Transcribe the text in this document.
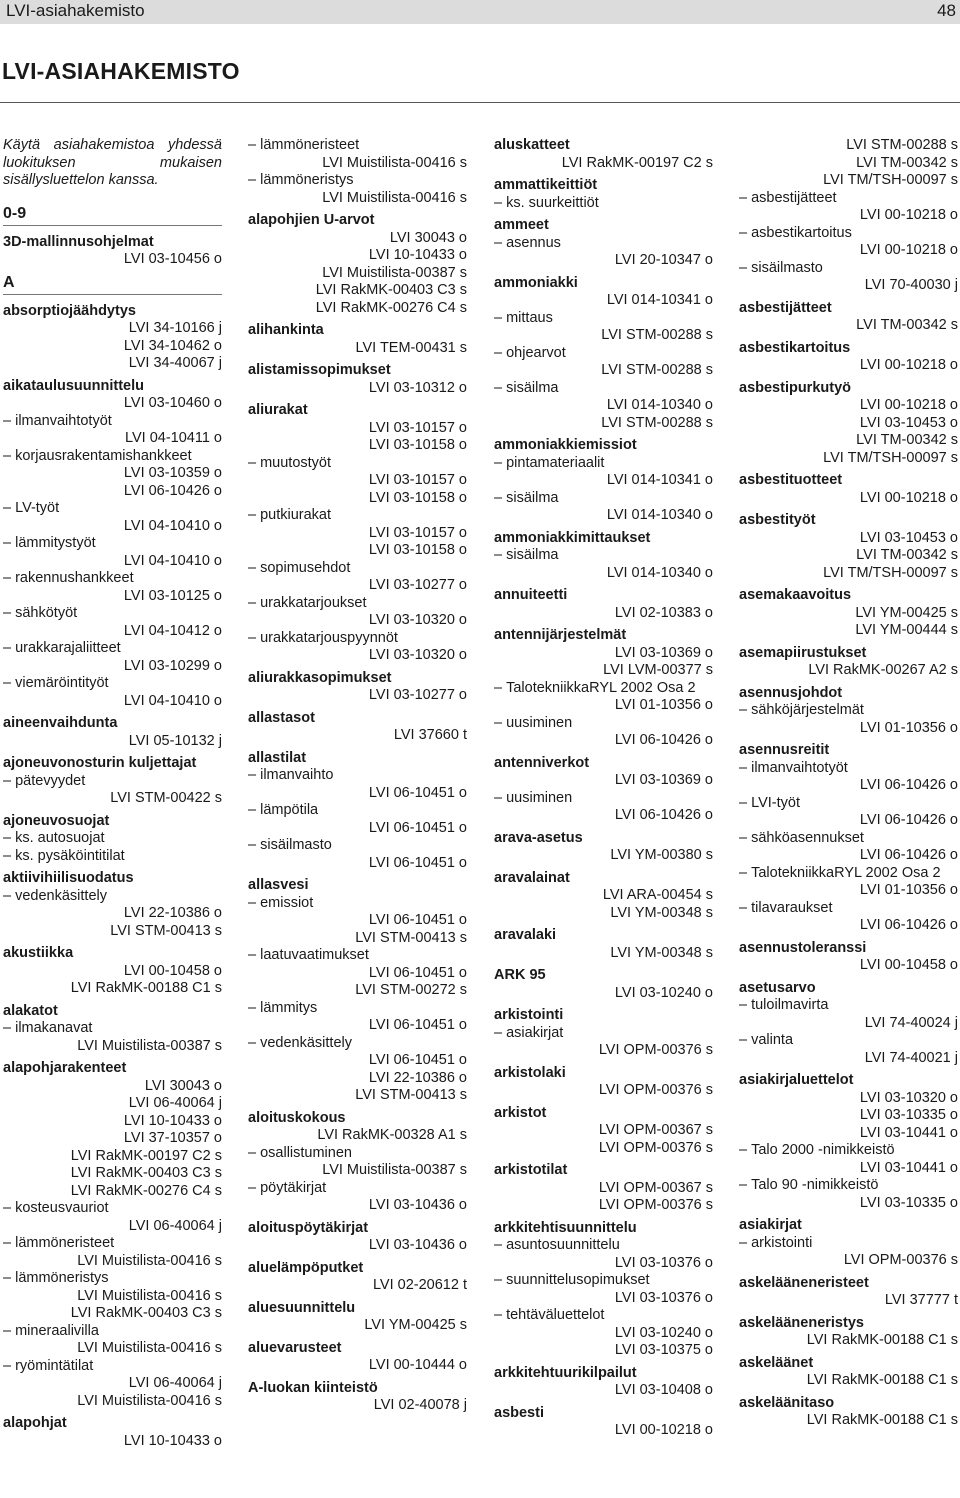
LVI-asiahakemisto	48
LVI-ASIAHAKEMISTO

Käytä asiahakemistoa yhdessä luokituksen mukaisen sisällysluettelon kanssa.

0-9
3D-mallinnusohjelmat
LVI 03-10456 o
A
absorptiojäähdytys
LVI 34-10166 j
LVI 34-10462 o
LVI 34-40067 j
aikataulusuunnittelu
LVI 03-10460 o
– ilmanvaihtotyöt
LVI 04-10411 o
– korjausrakentamishankkeet
LVI 03-10359 o
LVI 06-10426 o
– LV-työt
LVI 04-10410 o
– lämmitystyöt
LVI 04-10410 o
– rakennushankkeet
LVI 03-10125 o
– sähkötyöt
LVI 04-10412 o
– urakkarajaliitteet
LVI 03-10299 o
– viemäröintityöt
LVI 04-10410 o
aineenvaihdunta
LVI 05-10132 j
ajoneuvonosturin kuljettajat
– pätevyydet
LVI STM-00422 s
ajoneuvosuojat
– ks. autosuojat
– ks. pysäköintitilat
aktiivihiilisuodatus
– vedenkäsittely
LVI 22-10386 o
LVI STM-00413 s
akustiikka
LVI 00-10458 o
LVI RakMK-00188 C1 s
alakatot
– ilmakanavat
LVI Muistilista-00387 s
alapohjarakenteet
LVI 30043 o
LVI 06-40064 j
LVI 10-10433 o
LVI 37-10357 o
LVI RakMK-00197 C2 s
LVI RakMK-00403 C3 s
LVI RakMK-00276 C4 s
– kosteusvauriot
LVI 06-40064 j
– lämmöneristeet
LVI Muistilista-00416 s
– lämmöneristys
LVI Muistilista-00416 s
LVI RakMK-00403 C3 s
– mineraalivilla
LVI Muistilista-00416 s
– ryömintätilat
LVI 06-40064 j
LVI Muistilista-00416 s
alapohjat
LVI 10-10433 o
– lämmöneristeet
LVI Muistilista-00416 s
– lämmöneristys
LVI Muistilista-00416 s
alapohjien U-arvot
LVI 30043 o
LVI 10-10433 o
LVI Muistilista-00387 s
LVI RakMK-00403 C3 s
LVI RakMK-00276 C4 s
alihankinta
LVI TEM-00431 s
alistamissopimukset
LVI 03-10312 o
aliurakat
LVI 03-10157 o
LVI 03-10158 o
– muutostyöt
LVI 03-10157 o
LVI 03-10158 o
– putkiurakat
LVI 03-10157 o
LVI 03-10158 o
– sopimusehdot
LVI 03-10277 o
– urakkatarjoukset
LVI 03-10320 o
– urakkatarjouspyynnöt
LVI 03-10320 o
aliurakkasopimukset
LVI 03-10277 o
allastasot
LVI 37660 t
allastilat
– ilmanvaihto
LVI 06-10451 o
– lämpötila
LVI 06-10451 o
– sisäilmasto
LVI 06-10451 o
allasvesi
– emissiot
LVI 06-10451 o
LVI STM-00413 s
– laatuvaatimukset
LVI 06-10451 o
LVI STM-00272 s
– lämmitys
LVI 06-10451 o
– vedenkäsittely
LVI 06-10451 o
LVI 22-10386 o
LVI STM-00413 s
aloituskokous
LVI RakMK-00328 A1 s
– osallistuminen
LVI Muistilista-00387 s
– pöytäkirjat
LVI 03-10436 o
aloituspöytäkirjat
LVI 03-10436 o
aluelämpöputket
LVI 02-20612 t
aluesuunnittelu
LVI YM-00425 s
aluevarusteet
LVI 00-10444 o
A-luokan kiinteistö
LVI 02-40078 j
aluskatteet
LVI RakMK-00197 C2 s
ammattikeittiöt
– ks. suurkeittiöt
ammeet
– asennus
LVI 20-10347 o
ammoniakki
LVI 014-10341 o
– mittaus
LVI STM-00288 s
– ohjearvot
LVI STM-00288 s
– sisäilma
LVI 014-10340 o
LVI STM-00288 s
ammoniakkiemissiot
– pintamateriaalit
LVI 014-10341 o
– sisäilma
LVI 014-10340 o
ammoniakkimittaukset
– sisäilma
LVI 014-10340 o
annuiteetti
LVI 02-10383 o
antennijärjestelmät
LVI 03-10369 o
LVI LVM-00377 s
– TalotekniikkaRYL 2002 Osa 2
LVI 01-10356 o
– uusiminen
LVI 06-10426 o
antenniverkot
LVI 03-10369 o
– uusiminen
LVI 06-10426 o
arava-asetus
LVI YM-00380 s
aravalainat
LVI ARA-00454 s
LVI YM-00348 s
aravalaki
LVI YM-00348 s
ARK 95
LVI 03-10240 o
arkistointi
– asiakirjat
LVI OPM-00376 s
arkistolaki
LVI OPM-00376 s
arkistot
LVI OPM-00367 s
LVI OPM-00376 s
arkistotilat
LVI OPM-00367 s
LVI OPM-00376 s
arkkitehtisuunnittelu
– asuntosuunnittelu
LVI 03-10376 o
– suunnittelusopimukset
LVI 03-10376 o
– tehtäväluettelot
LVI 03-10240 o
LVI 03-10375 o
arkkitehtuurikilpailut
LVI 03-10408 o
asbesti
LVI 00-10218 o
LVI STM-00288 s
LVI TM-00342 s
LVI TM/TSH-00097 s
– asbestijätteet
LVI 00-10218 o
– asbestikartoitus
LVI 00-10218 o
– sisäilmasto
LVI 70-40030 j
asbestijätteet
LVI TM-00342 s
asbestikartoitus
LVI 00-10218 o
asbestipurkutyö
LVI 00-10218 o
LVI 03-10453 o
LVI TM-00342 s
LVI TM/TSH-00097 s
asbestituotteet
LVI 00-10218 o
asbestityöt
LVI 03-10453 o
LVI TM-00342 s
LVI TM/TSH-00097 s
asemakaavoitus
LVI YM-00425 s
LVI YM-00444 s
asemapiirustukset
LVI RakMK-00267 A2 s
asennusjohdot
– sähköjärjestelmät
LVI 01-10356 o
asennusreitit
– ilmanvaihtotyöt
LVI 06-10426 o
– LVI-työt
LVI 06-10426 o
– sähköasennukset
LVI 06-10426 o
– TalotekniikkaRYL 2002 Osa 2
LVI 01-10356 o
– tilavaraukset
LVI 06-10426 o
asennustoleranssi
LVI 00-10458 o
asetusarvo
– tuloilmavirta
LVI 74-40024 j
– valinta
LVI 74-40021 j
asiakirjaluettelot
LVI 03-10320 o
LVI 03-10335 o
LVI 03-10441 o
– Talo 2000 -nimikkeistö
LVI 03-10441 o
– Talo 90 -nimikkeistö
LVI 03-10335 o
asiakirjat
– arkistointi
LVI OPM-00376 s
askelääneneristeet
LVI 37777 t
askelääneneristys
LVI RakMK-00188 C1 s
askeläänet
LVI RakMK-00188 C1 s
askeläänitaso
LVI RakMK-00188 C1 s
